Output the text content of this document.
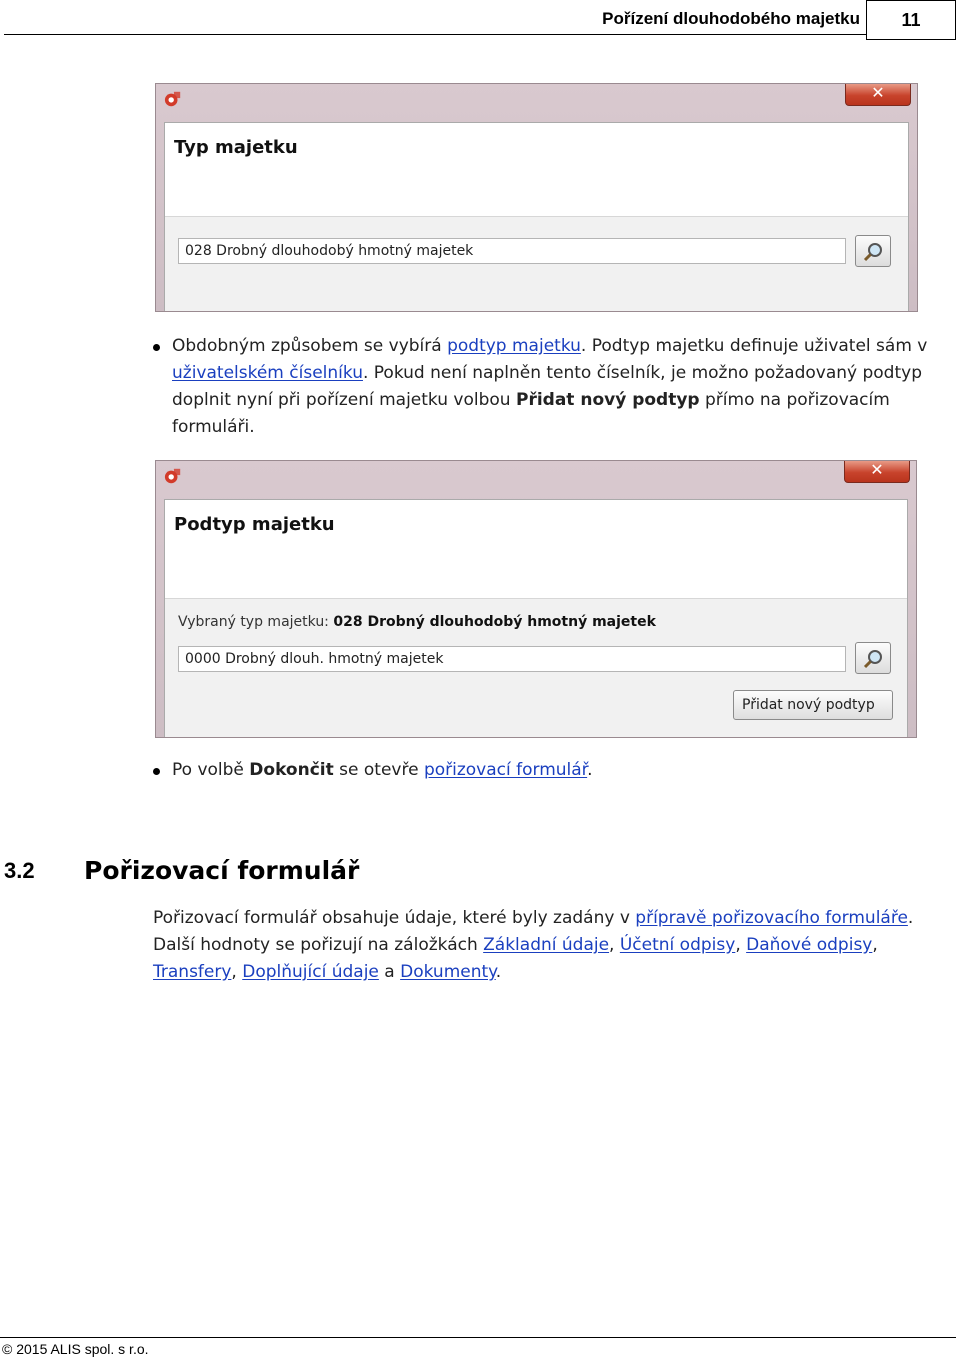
Pořízení dlouhodobého majetku	11
✕
Typ majetku
028 Drobný dlouhodobý hmotný majetek
Obdobným způsobem se vybírá podtyp majetku. Podtyp majetku definuje uživatel sám v uživatelském číselníku. Pokud není naplněn tento číselník, je možno požadovaný podtyp doplnit nyní při pořízení majetku volbou Přidat nový podtyp přímo na pořizovacím formuláři.
✕
Podtyp majetku
Vybraný typ majetku: 028 Drobný dlouhodobý hmotný majetek
0000 Drobný dlouh. hmotný majetek
Přidat nový podtyp
Po volbě Dokončit se otevře pořizovací formulář.
3.2 Pořizovací formulář
Pořizovací formulář obsahuje údaje, které byly zadány v přípravě pořizovacího formuláře. Další hodnoty se pořizují na záložkách Základní údaje, Účetní odpisy, Daňové odpisy, Transfery, Doplňující údaje a Dokumenty.
© 2015 ALIS spol. s r.o.
